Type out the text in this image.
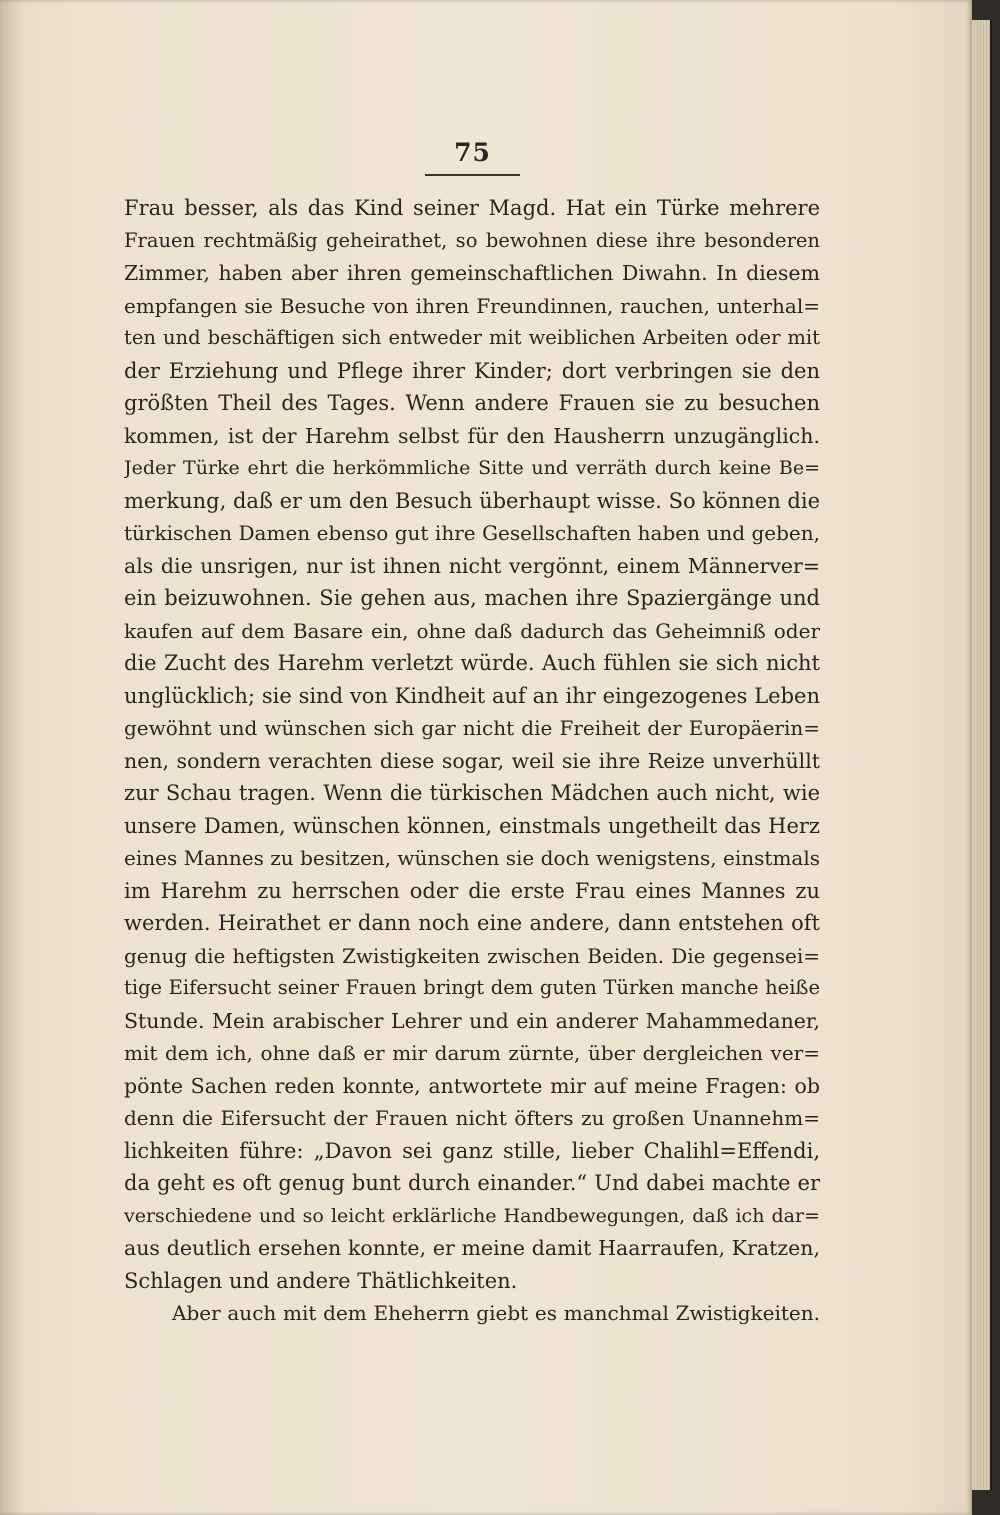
75
Frau besser, als das Kind seiner Magd. Hat ein Türke mehrere
Frauen rechtmäßig geheirathet, so bewohnen diese ihre besonderen
Zimmer, haben aber ihren gemeinschaftlichen Diwahn. In diesem
empfangen sie Besuche von ihren Freundinnen, rauchen, unterhal=
ten und beschäftigen sich entweder mit weiblichen Arbeiten oder mit
der Erziehung und Pflege ihrer Kinder; dort verbringen sie den
größten Theil des Tages. Wenn andere Frauen sie zu besuchen
kommen, ist der Harehm selbst für den Hausherrn unzugänglich.
Jeder Türke ehrt die herkömmliche Sitte und verräth durch keine Be=
merkung, daß er um den Besuch überhaupt wisse. So können die
türkischen Damen ebenso gut ihre Gesellschaften haben und geben,
als die unsrigen, nur ist ihnen nicht vergönnt, einem Männerver=
ein beizuwohnen. Sie gehen aus, machen ihre Spaziergänge und
kaufen auf dem Basare ein, ohne daß dadurch das Geheimniß oder
die Zucht des Harehm verletzt würde. Auch fühlen sie sich nicht
unglücklich; sie sind von Kindheit auf an ihr eingezogenes Leben
gewöhnt und wünschen sich gar nicht die Freiheit der Europäerin=
nen, sondern verachten diese sogar, weil sie ihre Reize unverhüllt
zur Schau tragen. Wenn die türkischen Mädchen auch nicht, wie
unsere Damen, wünschen können, einstmals ungetheilt das Herz
eines Mannes zu besitzen, wünschen sie doch wenigstens, einstmals
im Harehm zu herrschen oder die erste Frau eines Mannes zu
werden. Heirathet er dann noch eine andere, dann entstehen oft
genug die heftigsten Zwistigkeiten zwischen Beiden. Die gegensei=
tige Eifersucht seiner Frauen bringt dem guten Türken manche heiße
Stunde. Mein arabischer Lehrer und ein anderer Mahammedaner,
mit dem ich, ohne daß er mir darum zürnte, über dergleichen ver=
pönte Sachen reden konnte, antwortete mir auf meine Fragen: ob
denn die Eifersucht der Frauen nicht öfters zu großen Unannehm=
lichkeiten führe: „Davon sei ganz stille, lieber Chalihl=Effendi,
da geht es oft genug bunt durch einander.“ Und dabei machte er
verschiedene und so leicht erklärliche Handbewegungen, daß ich dar=
aus deutlich ersehen konnte, er meine damit Haarraufen, Kratzen,
Schlagen und andere Thätlichkeiten.
Aber auch mit dem Eheherrn giebt es manchmal Zwistigkeiten.
